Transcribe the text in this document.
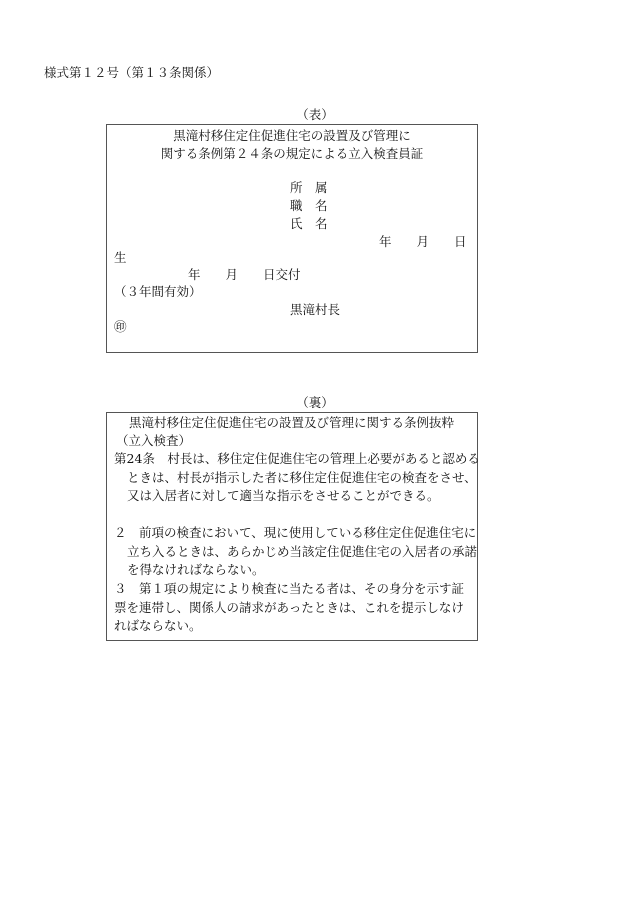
様式第１２号（第１３条関係）
（表）
黒滝村移住定住促進住宅の設置及び管理に
関する条例第２４条の規定による立入検査員証
所　属
職　名
氏　名
年　　月　　日
生
年　　月　　日交付
（３年間有効）
黒滝村長
㊞
（裏）
黒滝村移住定住促進住宅の設置及び管理に関する条例抜粋
（立入検査）
第24条　村長は、移住定住促進住宅の管理上必要があると認めるときは、村長が指示した者に移住定住促進住宅の検査をさせ、又は入居者に対して適当な指示をさせることができる。
２　前項の検査において、現に使用している移住定住促進住宅に立ち入るときは、あらかじめ当該定住促進住宅の入居者の承諾を得なければならない。
３　第１項の規定により検査に当たる者は、その身分を示す証票を連帯し、関係人の請求があったときは、これを提示しなければならない。
